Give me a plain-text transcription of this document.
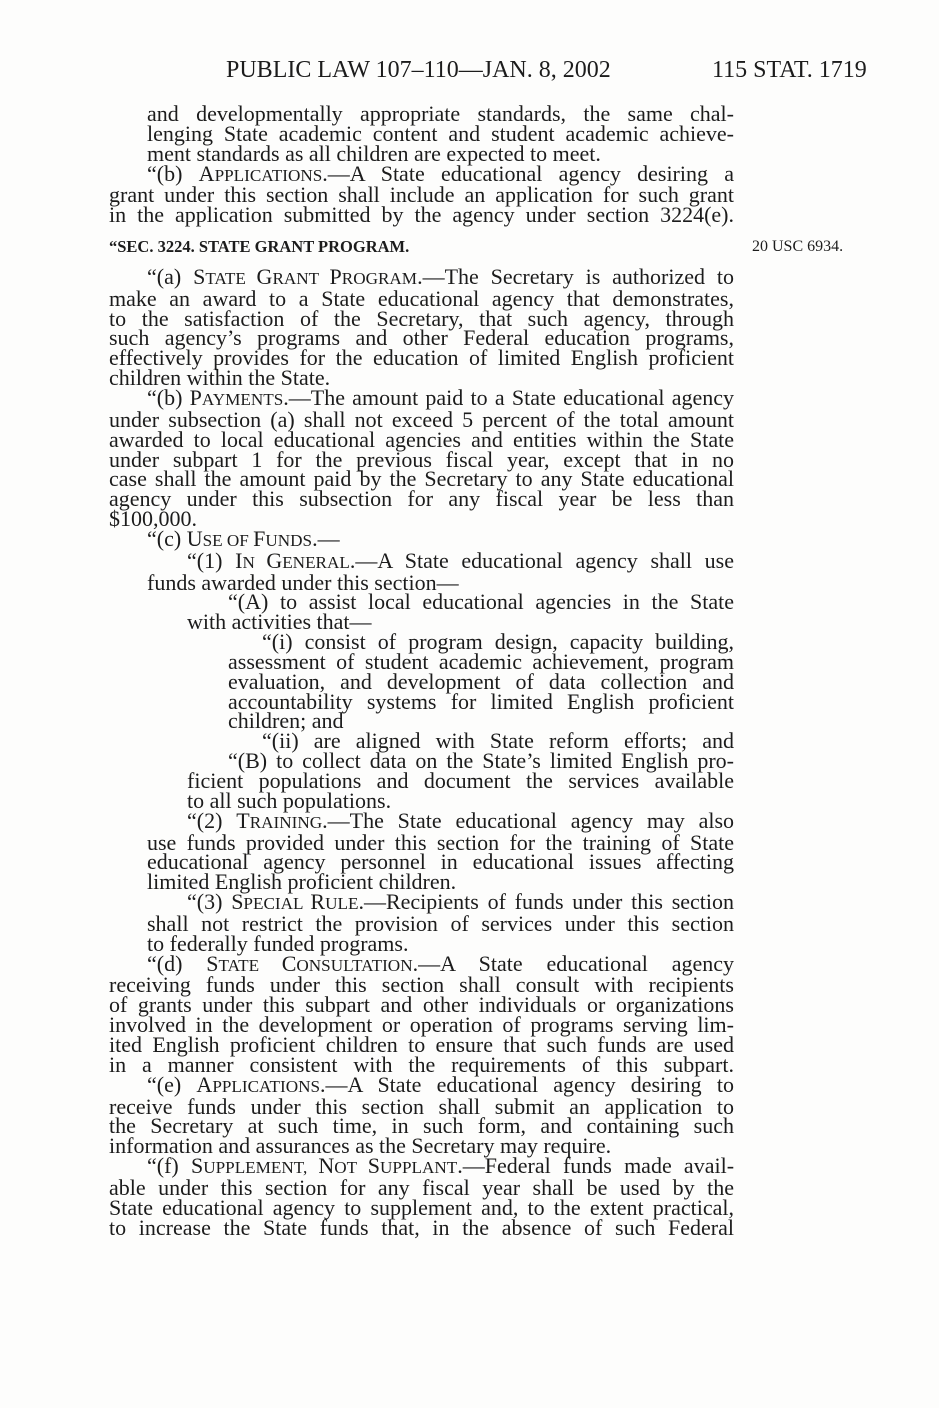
PUBLIC LAW 107–110—JAN. 8, 2002	115 STAT. 1719
and developmentally appropriate standards, the same chal-
lenging State academic content and student academic achieve-
ment standards as all children are expected to meet.
“(b) APPLICATIONS.—A State educational agency desiring a
grant under this section shall include an application for such grant
in the application submitted by the agency under section 3224(e).
“SEC. 3224. STATE GRANT PROGRAM.	20 USC 6934.
“(a) STATE GRANT PROGRAM.—The Secretary is authorized to
make an award to a State educational agency that demonstrates,
to the satisfaction of the Secretary, that such agency, through
such agency’s programs and other Federal education programs,
effectively provides for the education of limited English proficient
children within the State.
“(b) PAYMENTS.—The amount paid to a State educational agency
under subsection (a) shall not exceed 5 percent of the total amount
awarded to local educational agencies and entities within the State
under subpart 1 for the previous fiscal year, except that in no
case shall the amount paid by the Secretary to any State educational
agency under this subsection for any fiscal year be less than
$100,000.
“(c) USE OF FUNDS.—
“(1) IN GENERAL.—A State educational agency shall use
funds awarded under this section—
“(A) to assist local educational agencies in the State
with activities that—
“(i) consist of program design, capacity building,
assessment of student academic achievement, program
evaluation, and development of data collection and
accountability systems for limited English proficient
children; and
“(ii) are aligned with State reform efforts; and
“(B) to collect data on the State’s limited English pro-
ficient populations and document the services available
to all such populations.
“(2) TRAINING.—The State educational agency may also
use funds provided under this section for the training of State
educational agency personnel in educational issues affecting
limited English proficient children.
“(3) SPECIAL RULE.—Recipients of funds under this section
shall not restrict the provision of services under this section
to federally funded programs.
“(d) STATE CONSULTATION.—A State educational agency
receiving funds under this section shall consult with recipients
of grants under this subpart and other individuals or organizations
involved in the development or operation of programs serving lim-
ited English proficient children to ensure that such funds are used
in a manner consistent with the requirements of this subpart.
“(e) APPLICATIONS.—A State educational agency desiring to
receive funds under this section shall submit an application to
the Secretary at such time, in such form, and containing such
information and assurances as the Secretary may require.
“(f) SUPPLEMENT, NOT SUPPLANT.—Federal funds made avail-
able under this section for any fiscal year shall be used by the
State educational agency to supplement and, to the extent practical,
to increase the State funds that, in the absence of such Federal
